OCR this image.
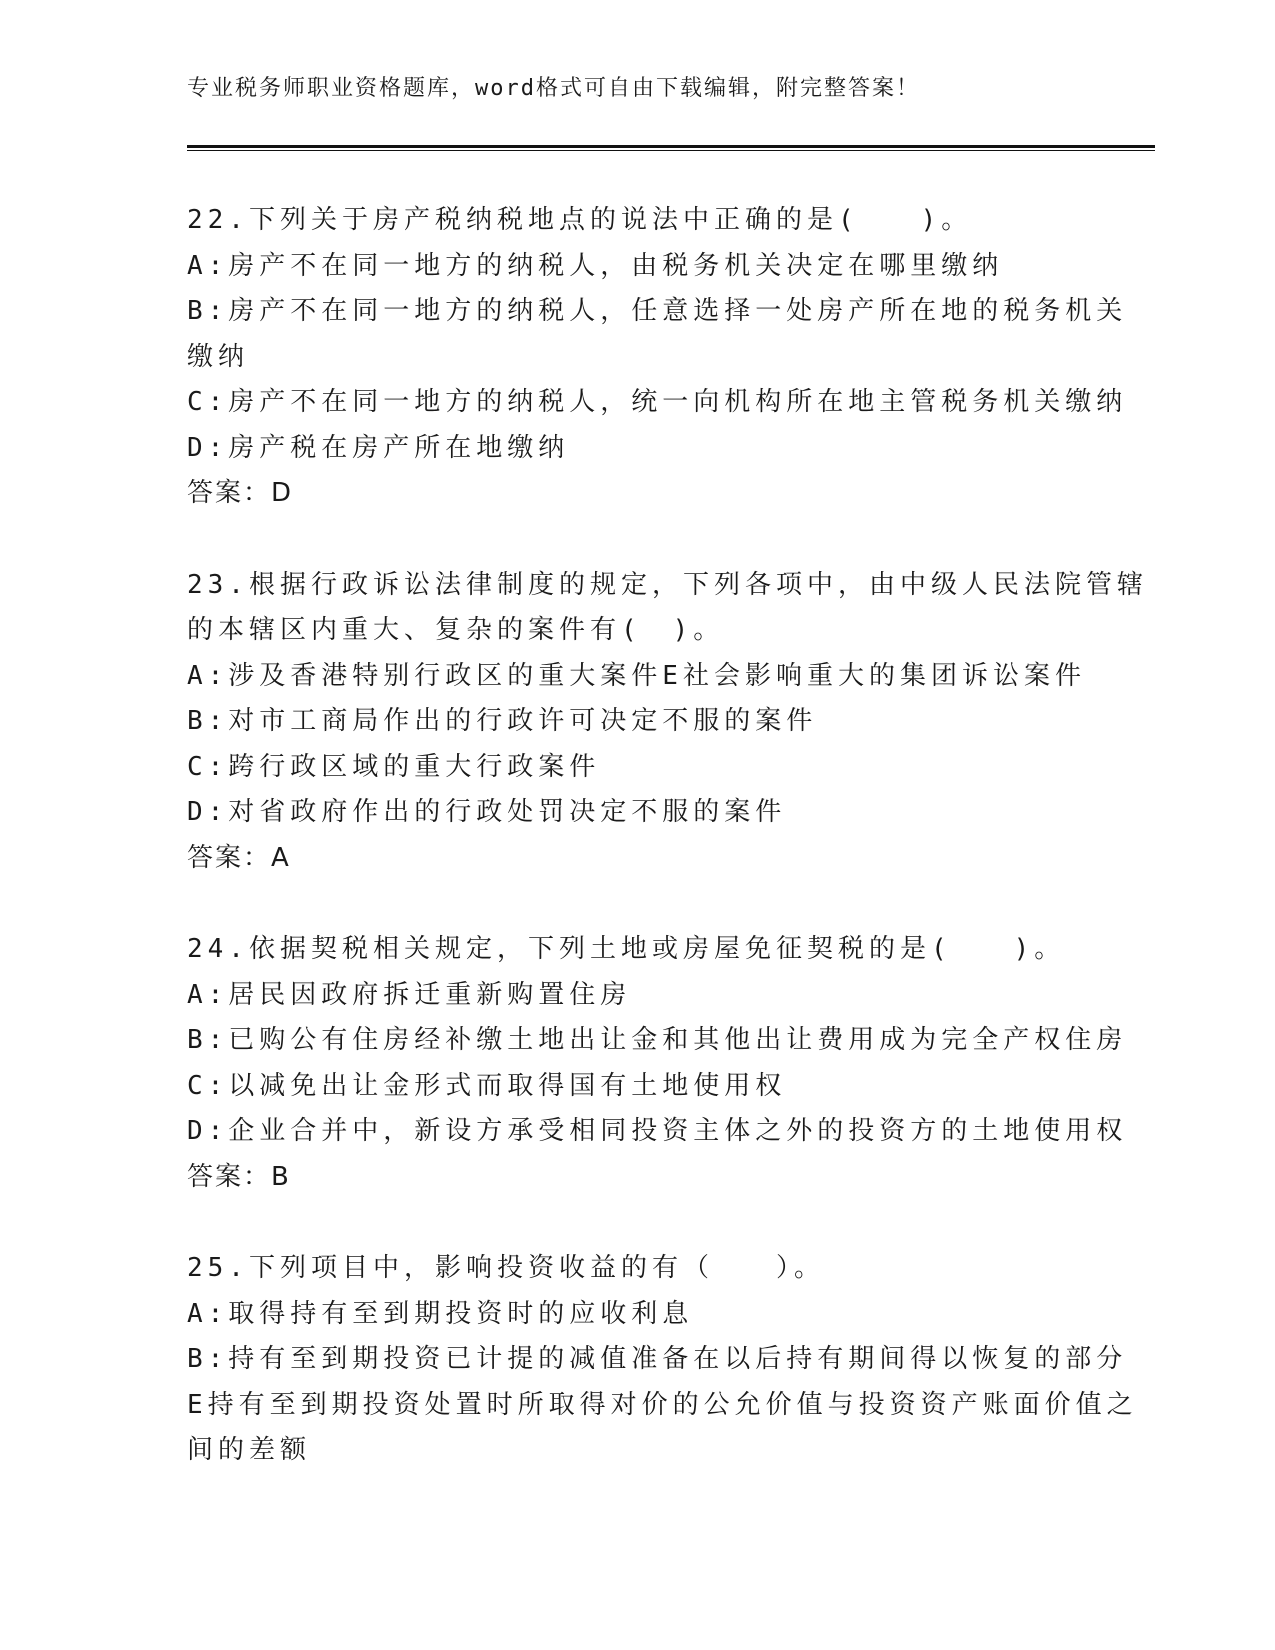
专业税务师职业资格题库，word格式可自由下载编辑，附完整答案！
22.下列关于房产税纳税地点的说法中正确的是(　　)。
A:房产不在同一地方的纳税人，由税务机关决定在哪里缴纳
B:房产不在同一地方的纳税人，任意选择一处房产所在地的税务机关
缴纳
C:房产不在同一地方的纳税人，统一向机构所在地主管税务机关缴纳
D:房产税在房产所在地缴纳
答案：D
23.根据行政诉讼法律制度的规定，下列各项中，由中级人民法院管辖
的本辖区内重大、复杂的案件有(　)。
A:涉及香港特别行政区的重大案件E社会影响重大的集团诉讼案件
B:对市工商局作出的行政许可决定不服的案件
C:跨行政区域的重大行政案件
D:对省政府作出的行政处罚决定不服的案件
答案：A
24.依据契税相关规定，下列土地或房屋免征契税的是(　　)。
A:居民因政府拆迁重新购置住房
B:已购公有住房经补缴土地出让金和其他出让费用成为完全产权住房
C:以减免出让金形式而取得国有土地使用权
D:企业合并中，新设方承受相同投资主体之外的投资方的土地使用权
答案：B
25.下列项目中，影响投资收益的有（　　）。
A:取得持有至到期投资时的应收利息
B:持有至到期投资已计提的减值准备在以后持有期间得以恢复的部分
E持有至到期投资处置时所取得对价的公允价值与投资资产账面价值之
间的差额
